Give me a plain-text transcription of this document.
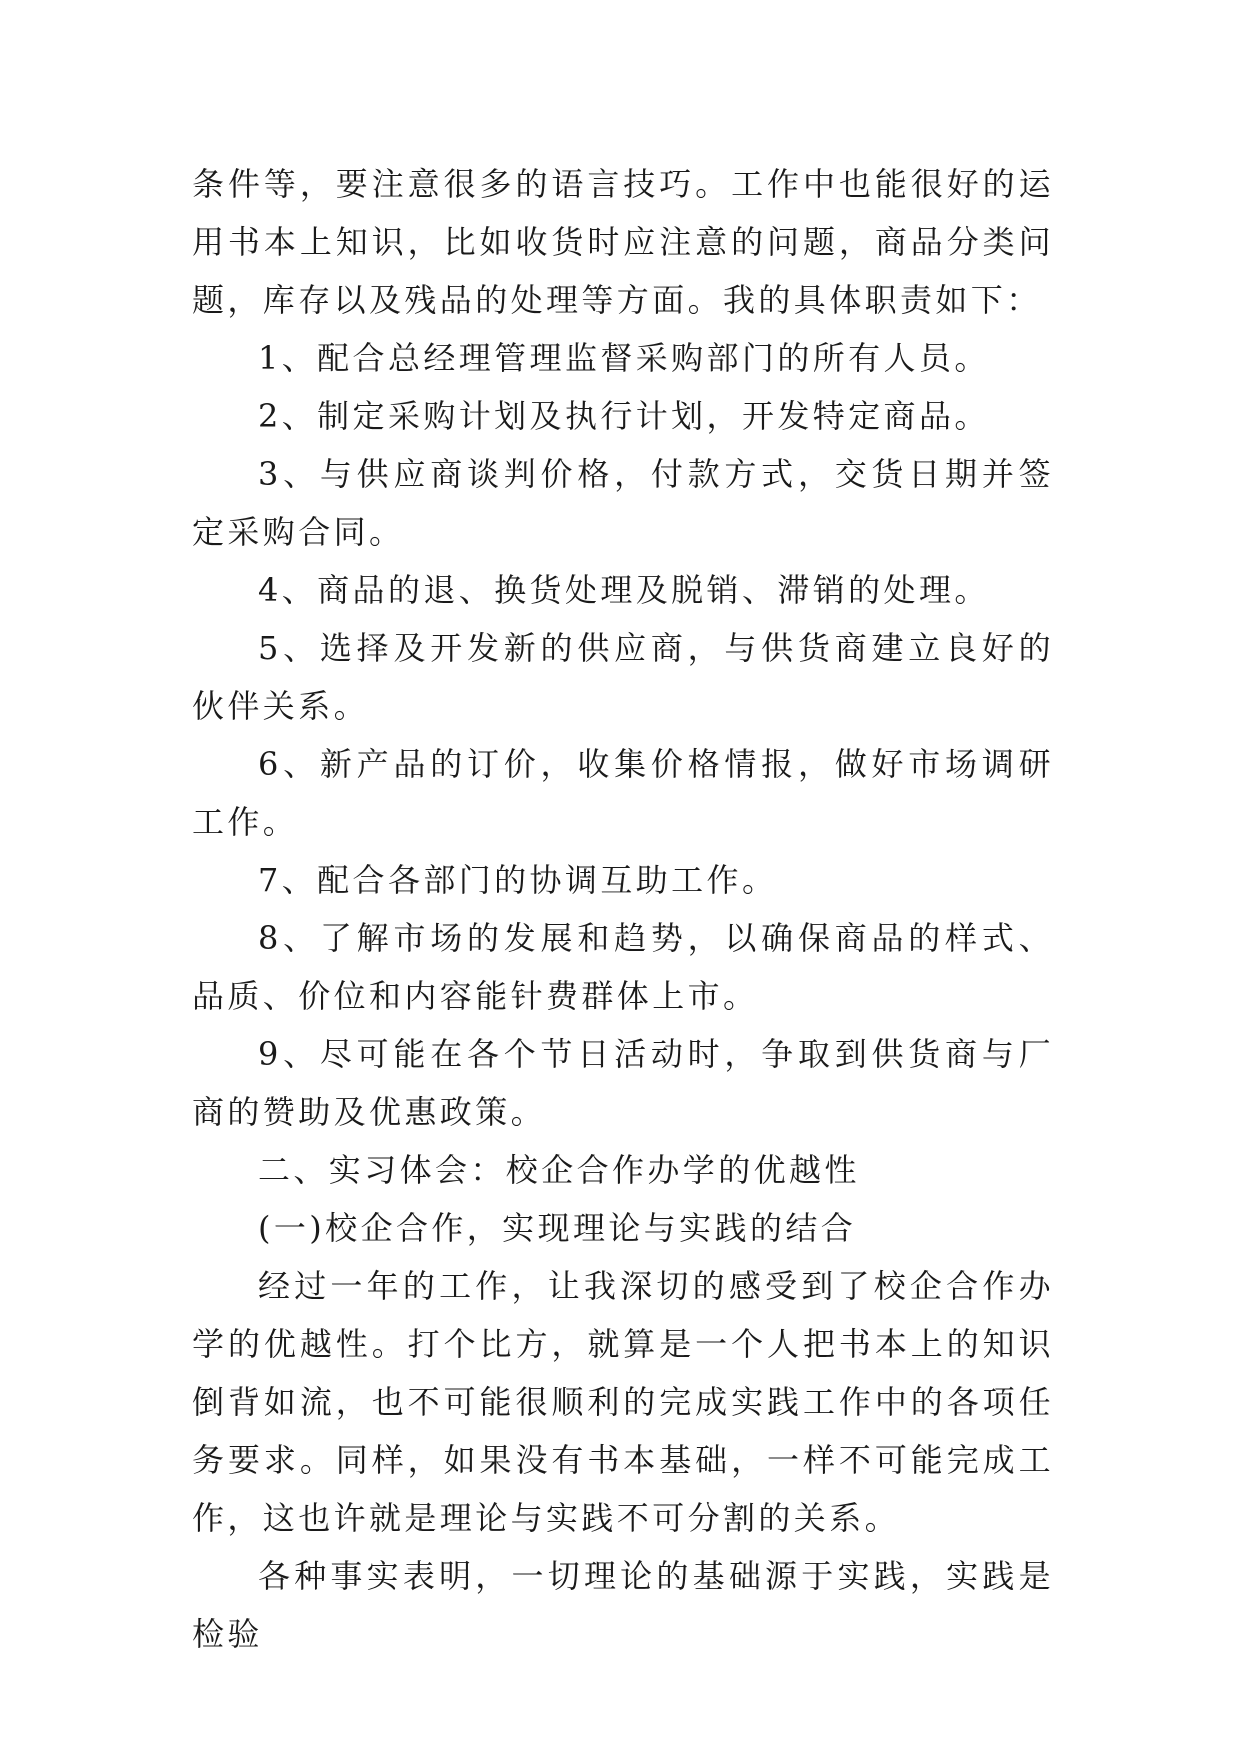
条件等，要注意很多的语言技巧。工作中也能很好的运用书本上知识，比如收货时应注意的问题，商品分类问题，库存以及残品的处理等方面。我的具体职责如下：

1、配合总经理管理监督采购部门的所有人员。

2、制定采购计划及执行计划，开发特定商品。

3、与供应商谈判价格，付款方式，交货日期并签定采购合同。

4、商品的退、换货处理及脱销、滞销的处理。

5、选择及开发新的供应商，与供货商建立良好的伙伴关系。

6、新产品的订价，收集价格情报，做好市场调研工作。

7、配合各部门的协调互助工作。

8、了解市场的发展和趋势，以确保商品的样式、品质、价位和内容能针费群体上市。

9、尽可能在各个节日活动时，争取到供货商与厂商的赞助及优惠政策。

二、实习体会：校企合作办学的优越性

(一)校企合作，实现理论与实践的结合

经过一年的工作，让我深切的感受到了校企合作办学的优越性。打个比方，就算是一个人把书本上的知识倒背如流，也不可能很顺利的完成实践工作中的各项任务要求。同样，如果没有书本基础，一样不可能完成工作，这也许就是理论与实践不可分割的关系。

各种事实表明，一切理论的基础源于实践，实践是检验
